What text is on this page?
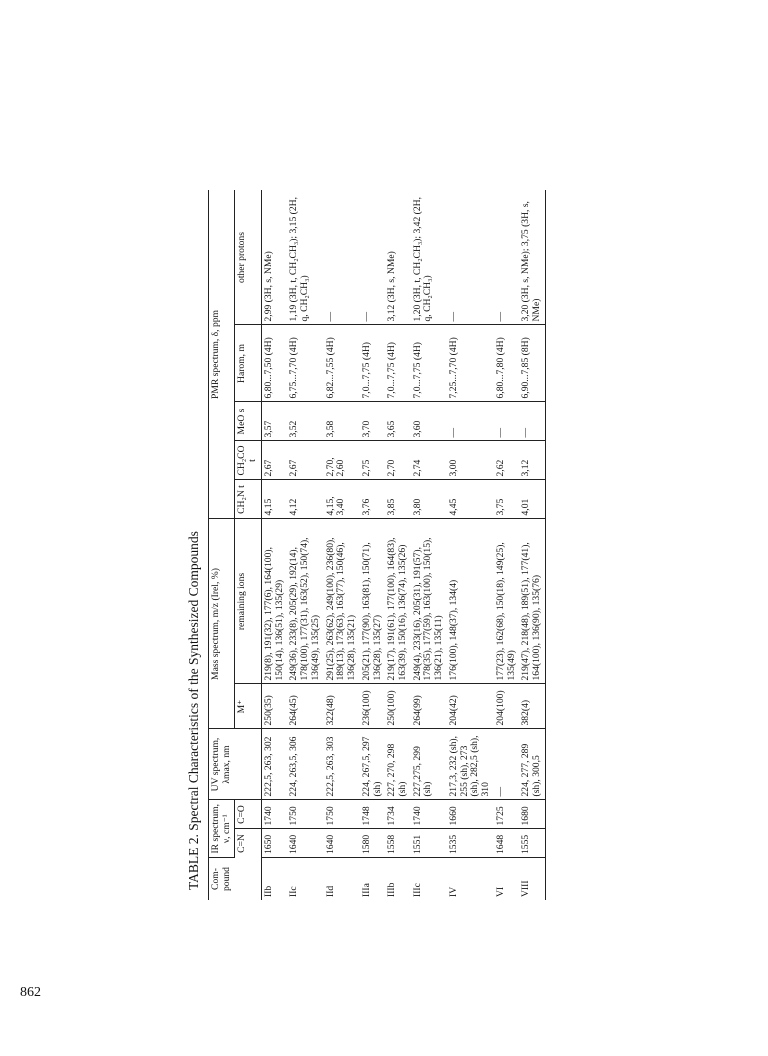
862
TABLE 2. Spectral Characteristics of the Synthesized Compounds Com-pound	IR spectrum, ν, cm⁻¹		UV spectrum, λmax, nm	Mass spectrum, m/z (Irel, %)		PMR spectrum, δ, ppm				
	C=N	C=O		M⁺	remaining ions	CH₂N t	CH₂CO t	MeO s	Harom, m	other protons
IIb	1650	1740	222,5, 263, 302	250(35)	219(8), 191(32), 177(6), 164(100), 150(14), 136(51), 135(29)	4,15	2,67	3,57	6,80...7,50 (4H)	2,99 (3H, s, NMe)
IIc	1640	1750	224, 263,5, 306	264(45)	249(36), 233(8), 205(29), 192(14), 178(100), 177(31), 163(52), 150(74), 136(49), 135(25)	4,12	2,67	3,52	6,75...7,70 (4H)	1,19 (3H, t, CH₂CH₃); 3,15 (2H, q, CH₂CH₃)
IId	1640	1750	222,5, 263, 303	322(48)	291(25), 263(62), 249(100), 236(80), 189(13), 173(63), 163(77), 150(46), 136(28), 135(21)	4,15, 3,40	2,70, 2,60	3,58	6,82...7,55 (4H)	—
IIIa	1580	1748	224, 267,5, 297 (sh)	236(100)	205(21), 177(90), 163(81), 150(71), 136(28), 135(27)	3,76	2,75	3,70	7,0...7,75 (4H)	—
IIIb	1558	1734	227, 270, 298 (sh)	250(100)	219(17), 191(61), 177(100), 164(83), 163(39), 150(16), 136(74), 135(26)	3,85	2,70	3,65	7,0...7,75 (4H)	3,12 (3H, s, NMe)
IIIc	1551	1740	227,275, 299 (sh)	264(99)	249(4), 233(16), 205(31), 191(57), 178(35), 177(59), 163(100), 150(15), 136(21), 135(11)	3,80	2,74	3,60	7,0...7,75 (4H)	1,20 (3H, t, CH₂CH₃); 3,42 (2H, q, CH₂CH₃)
IV	1535	1660	217,3, 232 (sh), 255 (sh), 273 (sh), 282,5 (sh), 310	204(42)	176(100), 148(37), 134(4)	4,45	3,00	—	7,25...7,70 (4H)	—
VI	1648	1725	—	204(100)	177(23), 162(68), 150(18), 149(25), 135(49)	3,75	2,62	—	6,80...7,80 (4H)	—
VIII	1555	1680	224, 277, 289 (sh), 300,5	382(4)	219(47), 218(48), 189(51), 177(41), 164(100), 136(90), 135(76)	4,01	3,12	—	6,90...7,85 (8H)	3,20 (3H, s, NMe); 3,75 (3H, s, NMe)
